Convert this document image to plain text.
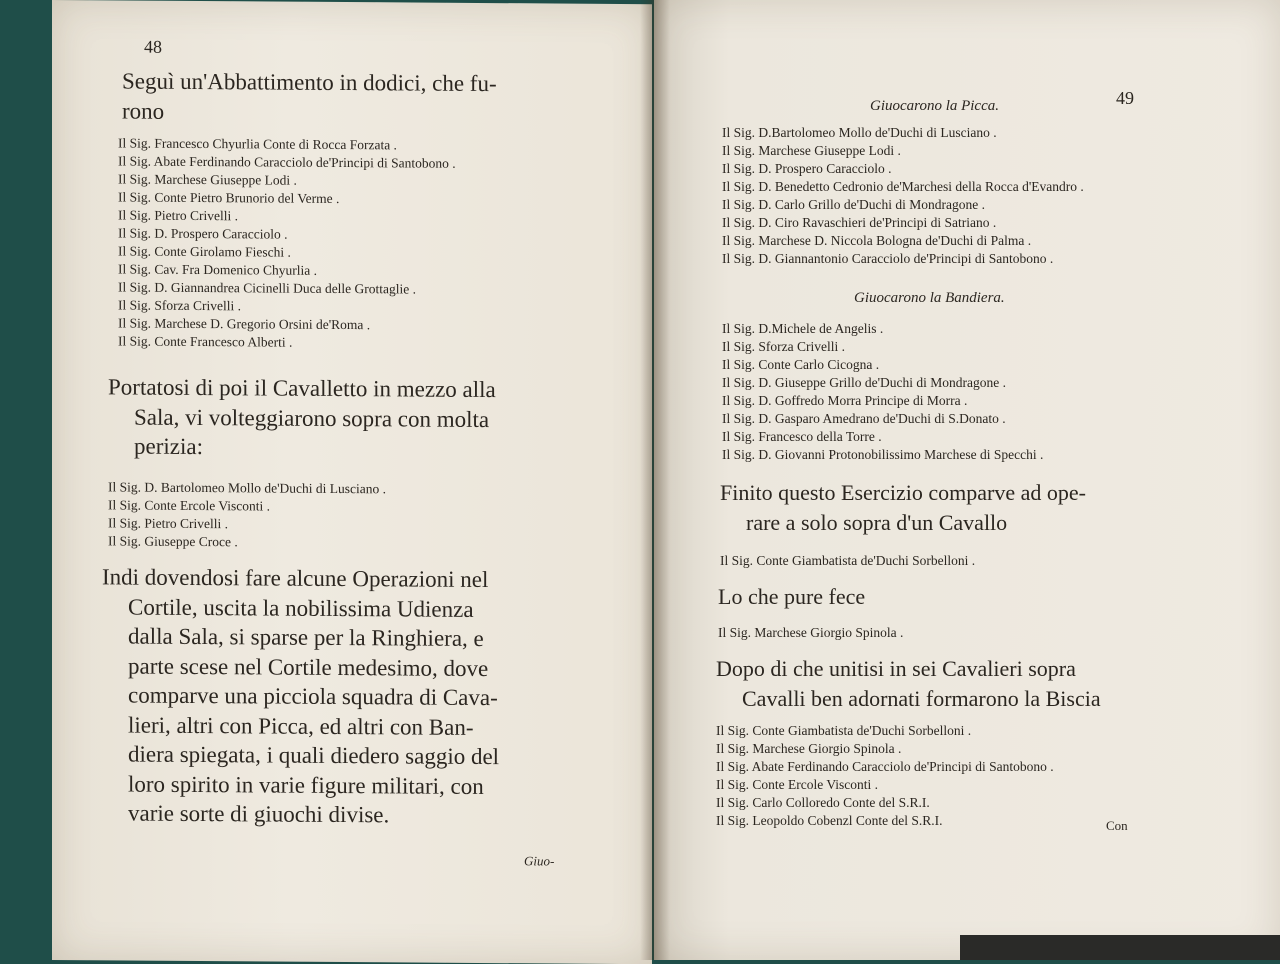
48
Seguì un'Abbattimento in dodici, che fu-
rono
Il Sig. Francesco Chyurlia Conte di Rocca Forzata .
Il Sig. Abate Ferdinando Caracciolo de'Principi di Santobono .
Il Sig. Marchese Giuseppe Lodi .
Il Sig. Conte Pietro Brunorio del Verme .
Il Sig. Pietro Crivelli .
Il Sig. D. Prospero Caracciolo .
Il Sig. Conte Girolamo Fieschi .
Il Sig. Cav. Fra Domenico Chyurlia .
Il Sig. D. Giannandrea Cicinelli Duca delle Grottaglie .
Il Sig. Sforza Crivelli .
Il Sig. Marchese D. Gregorio Orsini de'Roma .
Il Sig. Conte Francesco Alberti .
Portatosi di poi il Cavalletto in mezzo alla
Sala, vi volteggiarono sopra con molta
perizia:
Il Sig. D. Bartolomeo Mollo de'Duchi di Lusciano .
Il Sig. Conte Ercole Visconti .
Il Sig. Pietro Crivelli .
Il Sig. Giuseppe Croce .
Indi dovendosi fare alcune Operazioni nel
Cortile, uscita la nobilissima Udienza
dalla Sala, si sparse per la Ringhiera, e
parte scese nel Cortile medesimo, dove
comparve una picciola squadra di Cava-
lieri, altri con Picca, ed altri con Ban-
diera spiegata, i quali diedero saggio del
loro spirito in varie figure militari, con
varie sorte di giuochi divise.
Giuo-
Giuocarono la Picca.	49
Il Sig. D.Bartolomeo Mollo de'Duchi di Lusciano .
Il Sig. Marchese Giuseppe Lodi .
Il Sig. D. Prospero Caracciolo .
Il Sig. D. Benedetto Cedronio de'Marchesi della Rocca d'Evandro .
Il Sig. D. Carlo Grillo de'Duchi di Mondragone .
Il Sig. D. Ciro Ravaschieri de'Principi di Satriano .
Il Sig. Marchese D. Niccola Bologna de'Duchi di Palma .
Il Sig. D. Giannantonio Caracciolo de'Principi di Santobono .
Giuocarono la Bandiera.
Il Sig. D.Michele de Angelis .
Il Sig. Sforza Crivelli .
Il Sig. Conte Carlo Cicogna .
Il Sig. D. Giuseppe Grillo de'Duchi di Mondragone .
Il Sig. D. Goffredo Morra Principe di Morra .
Il Sig. D. Gasparo Amedrano de'Duchi di S.Donato .
Il Sig. Francesco della Torre .
Il Sig. D. Giovanni Protonobilissimo Marchese di Specchi .
Finito questo Esercizio comparve ad ope-
rare a solo sopra d'un Cavallo
Il Sig. Conte Giambatista de'Duchi Sorbelloni .
Lo che pure fece
Il Sig. Marchese Giorgio Spinola .
Dopo di che unitisi in sei Cavalieri sopra
Cavalli ben adornati formarono la Biscia
Il Sig. Conte Giambatista de'Duchi Sorbelloni .
Il Sig. Marchese Giorgio Spinola .
Il Sig. Abate Ferdinando Caracciolo de'Principi di Santobono .
Il Sig. Conte Ercole Visconti .
Il Sig. Carlo Colloredo Conte del S.R.I.
Il Sig. Leopoldo Cobenzl Conte del S.R.I.	Con
